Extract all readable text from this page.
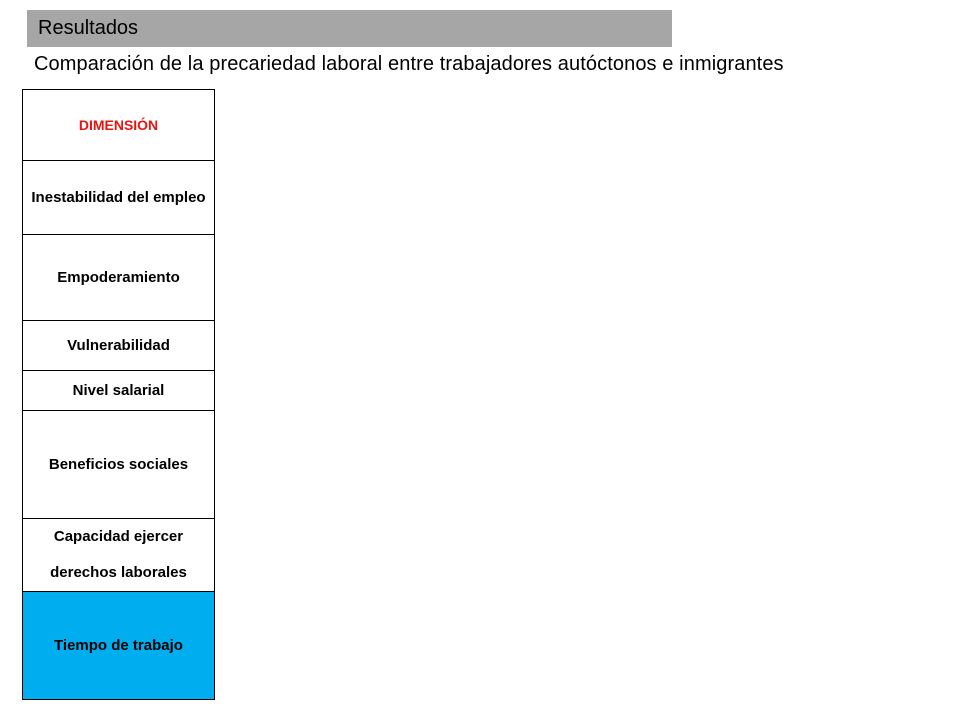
Resultados
Comparación de la precariedad laboral entre trabajadores autóctonos e inmigrantes
DIMENSIÓN
Inestabilidad del empleo
Empoderamiento
Vulnerabilidad
Nivel salarial
Beneficios sociales
Capacidad ejercer derechos laborales
Tiempo de trabajo
